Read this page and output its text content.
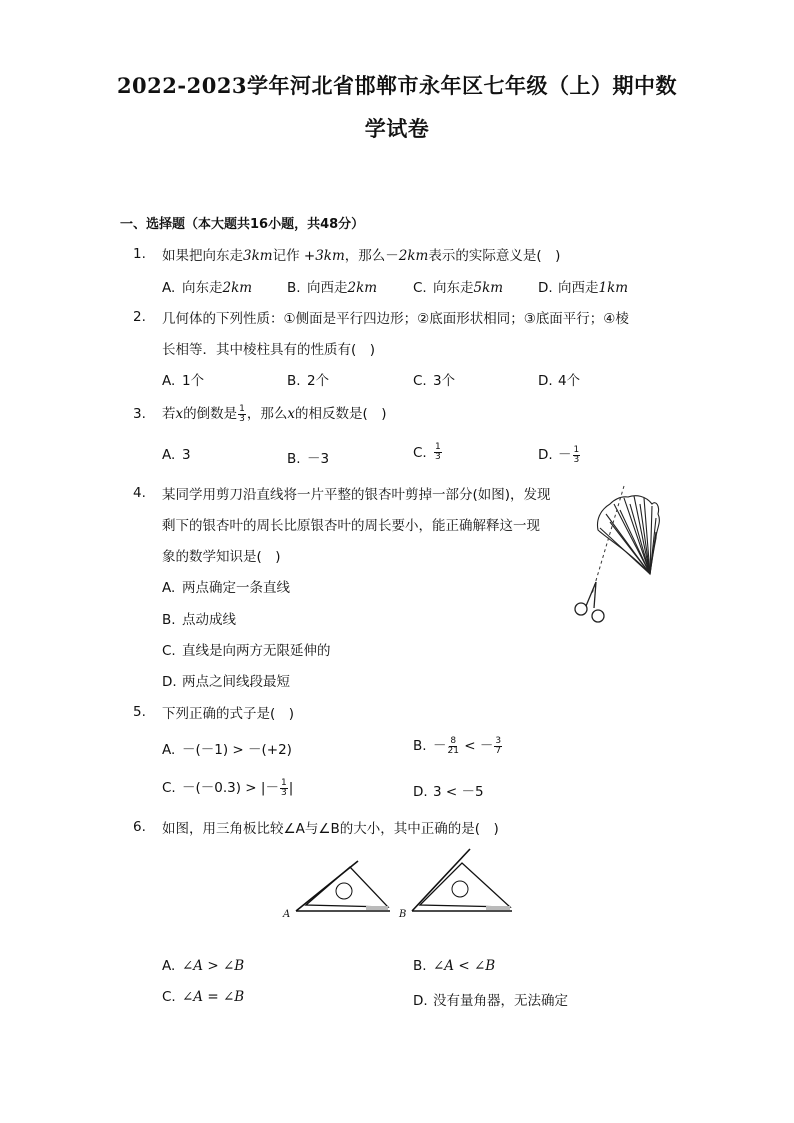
2022-2023学年河北省邯郸市永年区七年级（上）期中数
学试卷
一、选择题（本大题共16小题，共48分）
1.	如果把向东走3km记作 +3km，那么－2km表示的实际意义是(　)
A. 向东走2km	B. 向西走2km	C. 向东走5km	D. 向西走1km
2.	几何体的下列性质：①侧面是平行四边形；②底面形状相同；③底面平行；④棱
长相等．其中棱柱具有的性质有(　)
A. 1个	B. 2个	C. 3个	D. 4个
3.	若x的倒数是 $\frac{1}{3}$ ，那么x的相反数是(　)
A. 3	B. －3	C. $\frac{1}{3}$	D. － $\frac{1}{3}$
4.	某同学用剪刀沿直线将一片平整的银杏叶剪掉一部分(如图)，发现
剩下的银杏叶的周长比原银杏叶的周长要小，能正确解释这一现
象的数学知识是(　)
A. 两点确定一条直线
B. 点动成线
C. 直线是向两方无限延伸的
D. 两点之间线段最短
5.	下列正确的式子是(　)
A. －(－1) > －(+2)	B. － $\frac{8}{21}$ < － $\frac{3}{7}$
C. －(－0.3) > |－ $\frac{1}{3}$ |	D. 3 < －5
6.	如图，用三角板比较∠A与∠B的大小，其中正确的是(　)
A	B
A. ∠A > ∠B	B. ∠A < ∠B
C. ∠A = ∠B	D. 没有量角器，无法确定
